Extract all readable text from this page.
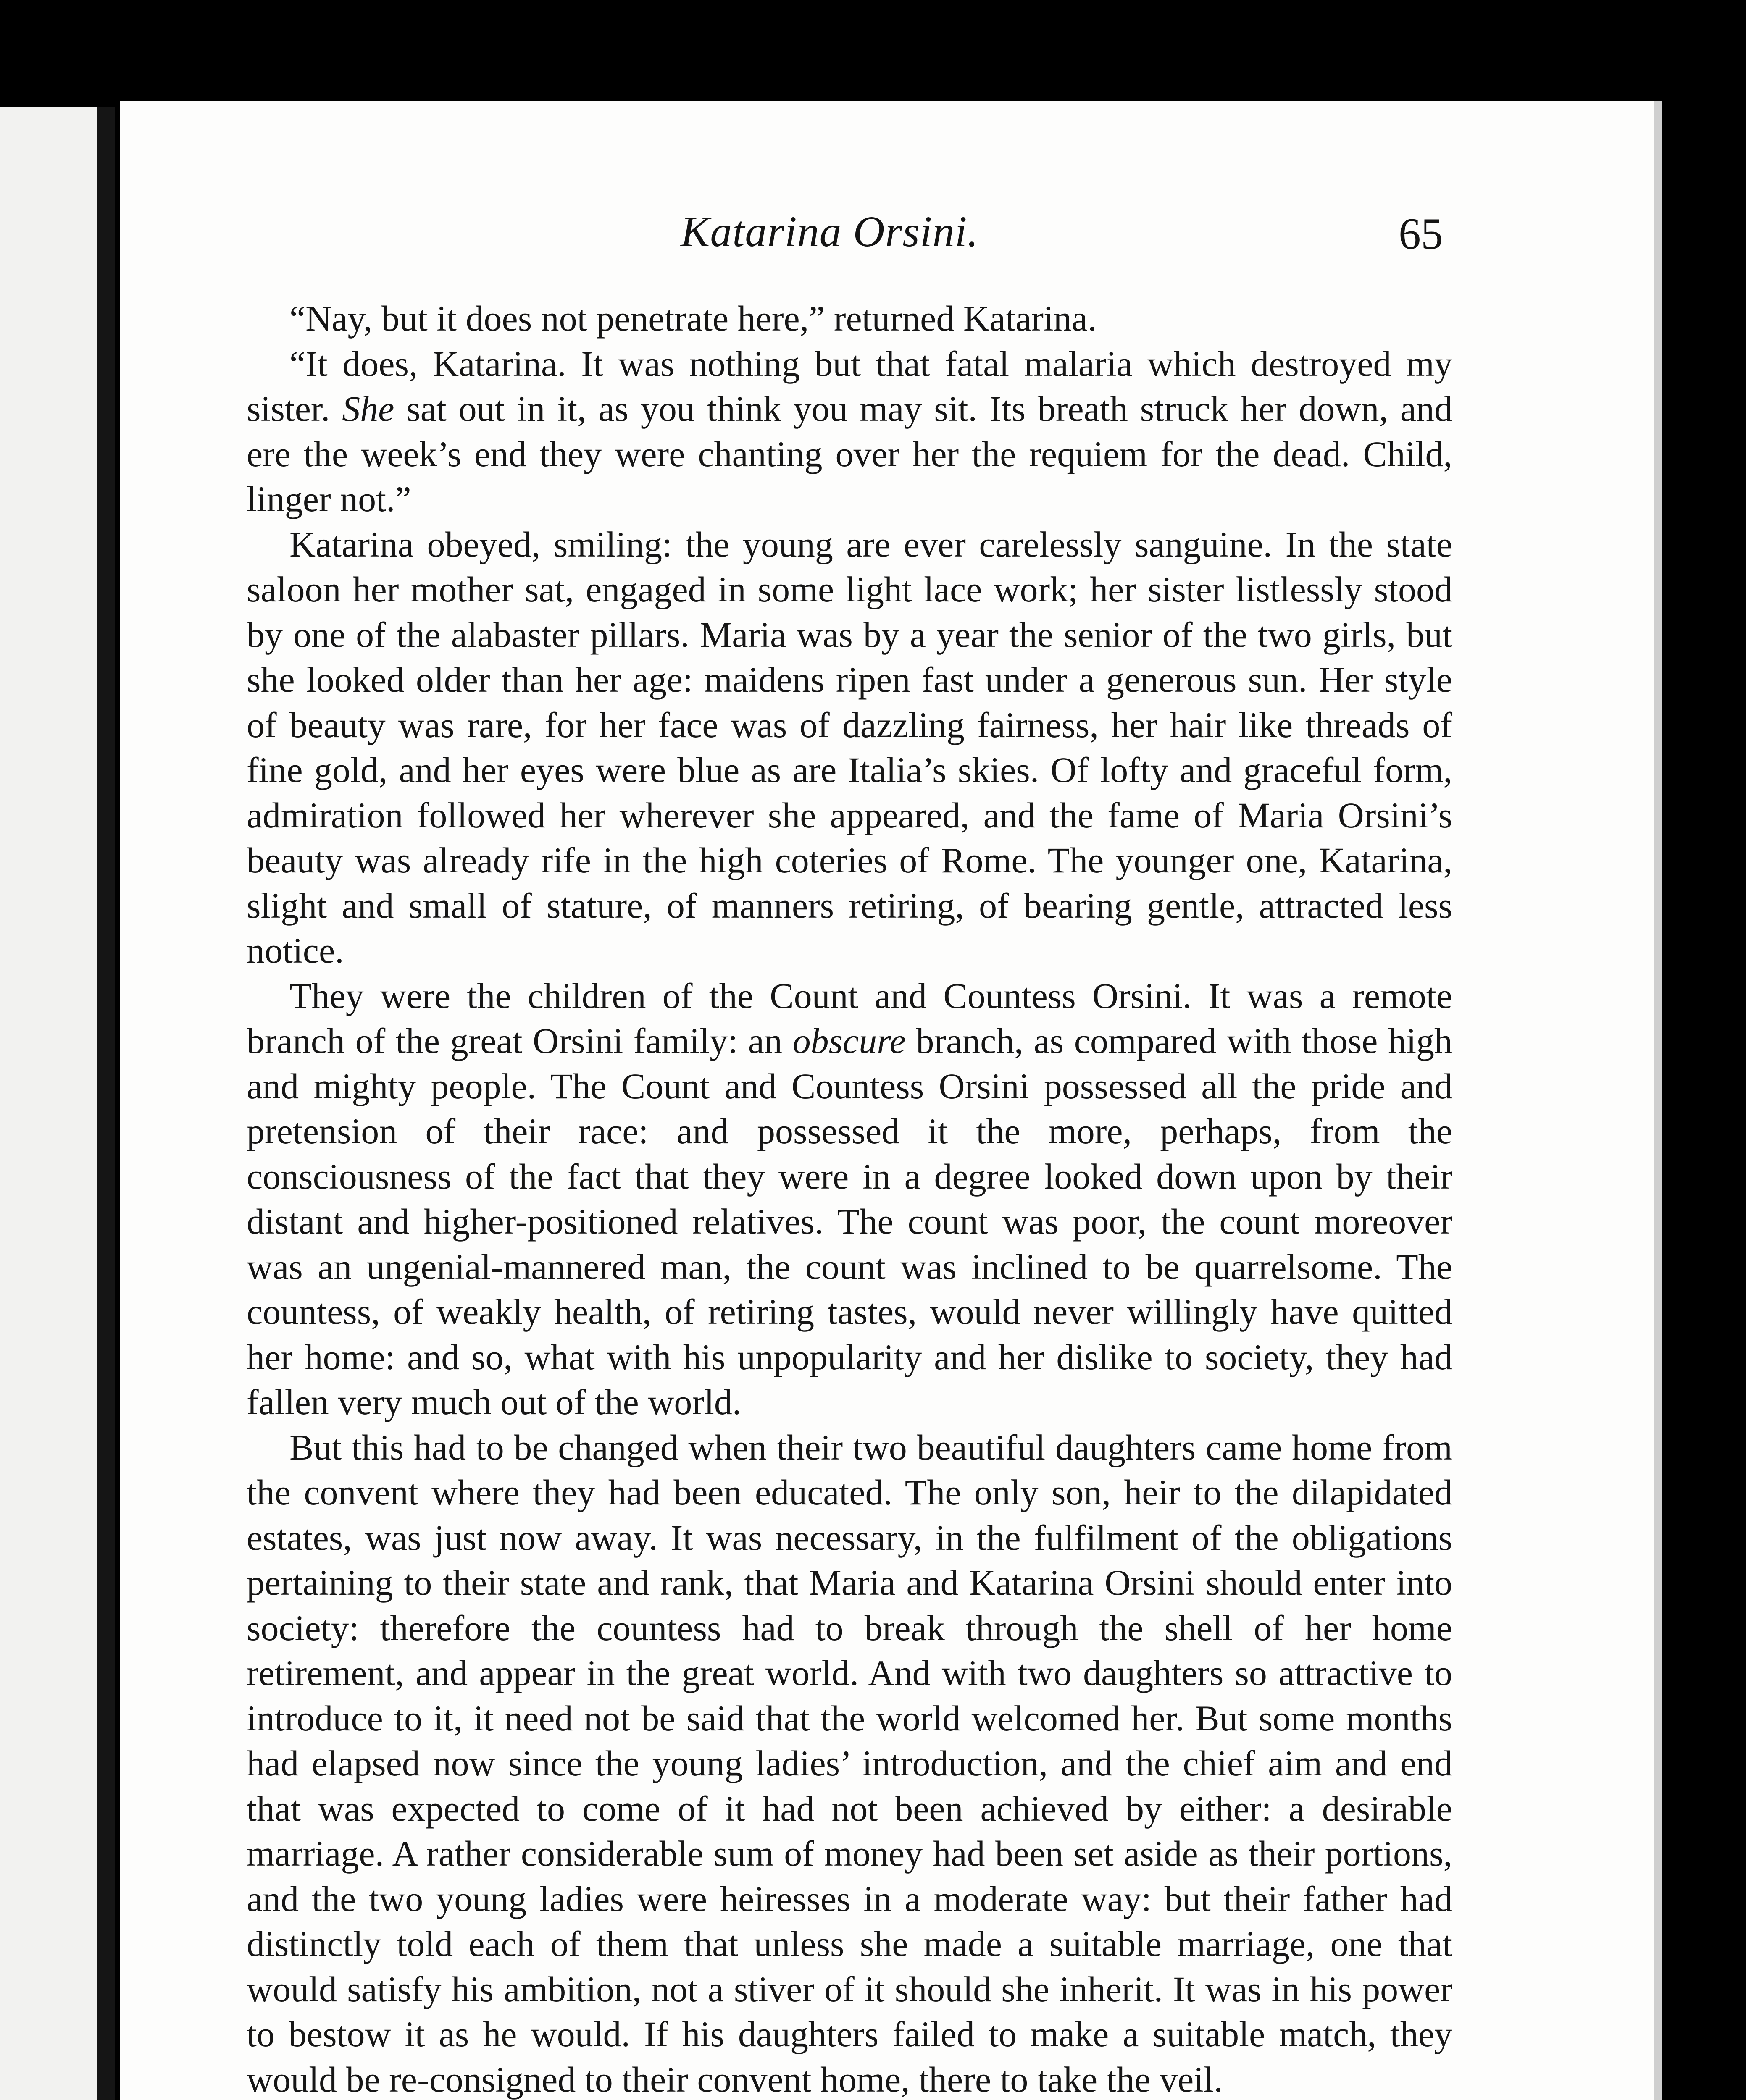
Katarina Orsini.	65

“Nay, but it does not penetrate here,” returned Katarina.

“It does, Katarina. It was nothing but that fatal malaria which destroyed my sister. She sat out in it, as you think you may sit. Its breath struck her down, and ere the week’s end they were chanting over her the requiem for the dead. Child, linger not.”

Katarina obeyed, smiling: the young are ever carelessly sanguine. In the state saloon her mother sat, engaged in some light lace work; her sister listlessly stood by one of the alabaster pillars. Maria was by a year the senior of the two girls, but she looked older than her age: maidens ripen fast under a generous sun. Her style of beauty was rare, for her face was of dazzling fairness, her hair like threads of fine gold, and her eyes were blue as are Italia’s skies. Of lofty and graceful form, admiration followed her wherever she appeared, and the fame of Maria Orsini’s beauty was already rife in the high coteries of Rome. The younger one, Katarina, slight and small of stature, of manners retiring, of bearing gentle, attracted less notice.

They were the children of the Count and Countess Orsini. It was a remote branch of the great Orsini family: an obscure branch, as compared with those high and mighty people. The Count and Countess Orsini possessed all the pride and pretension of their race: and possessed it the more, perhaps, from the consciousness of the fact that they were in a degree looked down upon by their distant and higher-positioned relatives. The count was poor, the count moreover was an ungenial-mannered man, the count was inclined to be quarrelsome. The countess, of weakly health, of retiring tastes, would never willingly have quitted her home: and so, what with his unpopularity and her dislike to society, they had fallen very much out of the world.

But this had to be changed when their two beautiful daughters came home from the convent where they had been educated. The only son, heir to the dilapidated estates, was just now away. It was necessary, in the fulfilment of the obligations pertaining to their state and rank, that Maria and Katarina Orsini should enter into society: therefore the countess had to break through the shell of her home retirement, and appear in the great world. And with two daughters so attractive to introduce to it, it need not be said that the world welcomed her. But some months had elapsed now since the young ladies’ introduction, and the chief aim and end that was expected to come of it had not been achieved by either: a desirable marriage. A rather considerable sum of money had been set aside as their portions, and the two young ladies were heiresses in a moderate way: but their father had distinctly told each of them that unless she made a suitable marriage, one that would satisfy his ambition, not a stiver of it should she inherit. It was in his power to bestow it as he would. If his daughters failed to make a suitable match, they would be re-consigned to their convent home, there to take the veil.
